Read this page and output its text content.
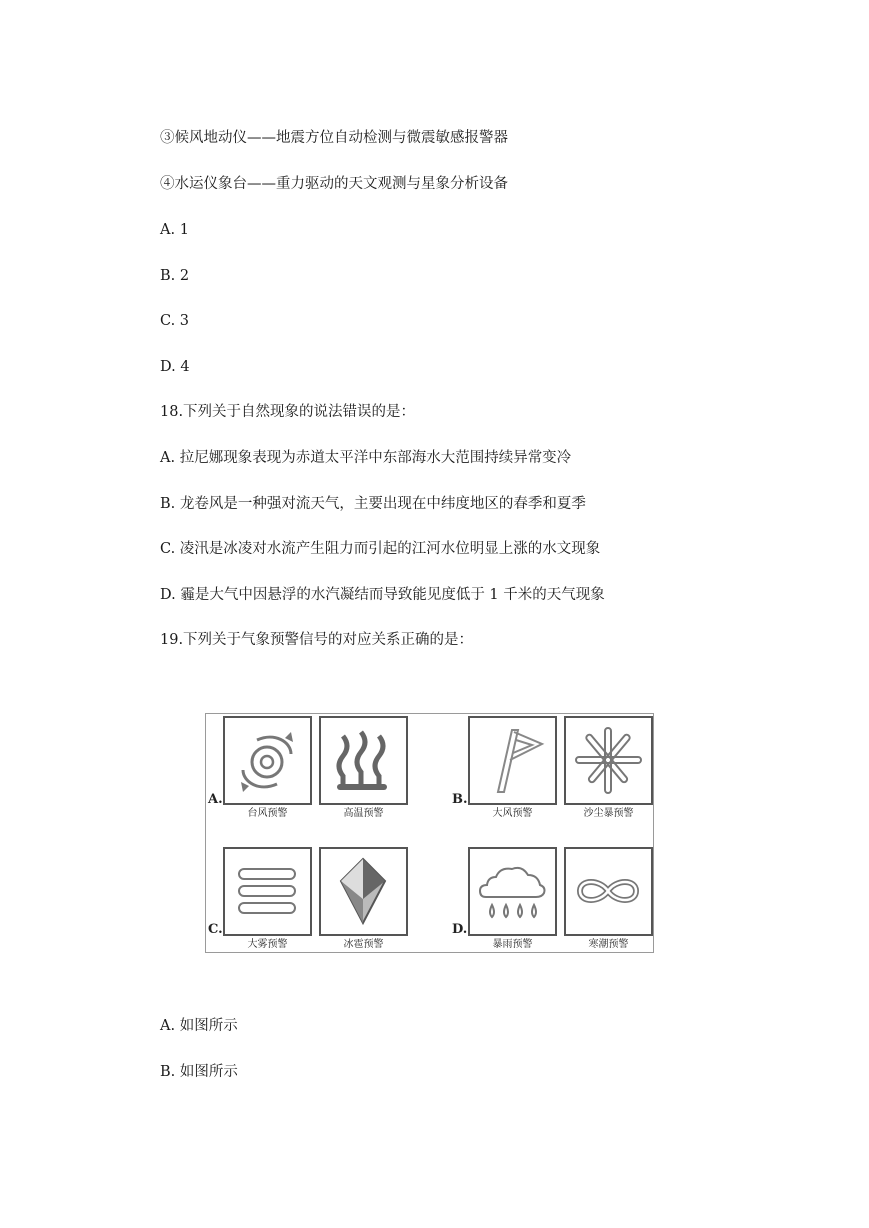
③候风地动仪——地震方位自动检测与微震敏感报警器
④水运仪象台——重力驱动的天文观测与星象分析设备
A. 1
B. 2
C. 3
D. 4
18.下列关于自然现象的说法错误的是：
A. 拉尼娜现象表现为赤道太平洋中东部海水大范围持续异常变冷
B. 龙卷风是一种强对流天气，主要出现在中纬度地区的春季和夏季
C. 凌汛是冰凌对水流产生阻力而引起的江河水位明显上涨的水文现象
D. 霾是大气中因悬浮的水汽凝结而导致能见度低于 1 千米的天气现象
19.下列关于气象预警信号的对应关系正确的是：
A.
台风预警	高温预警
B.
大风预警	沙尘暴预警
C.
大雾预警	冰雹预警
D.
暴雨预警	寒潮预警
A. 如图所示
B. 如图所示
